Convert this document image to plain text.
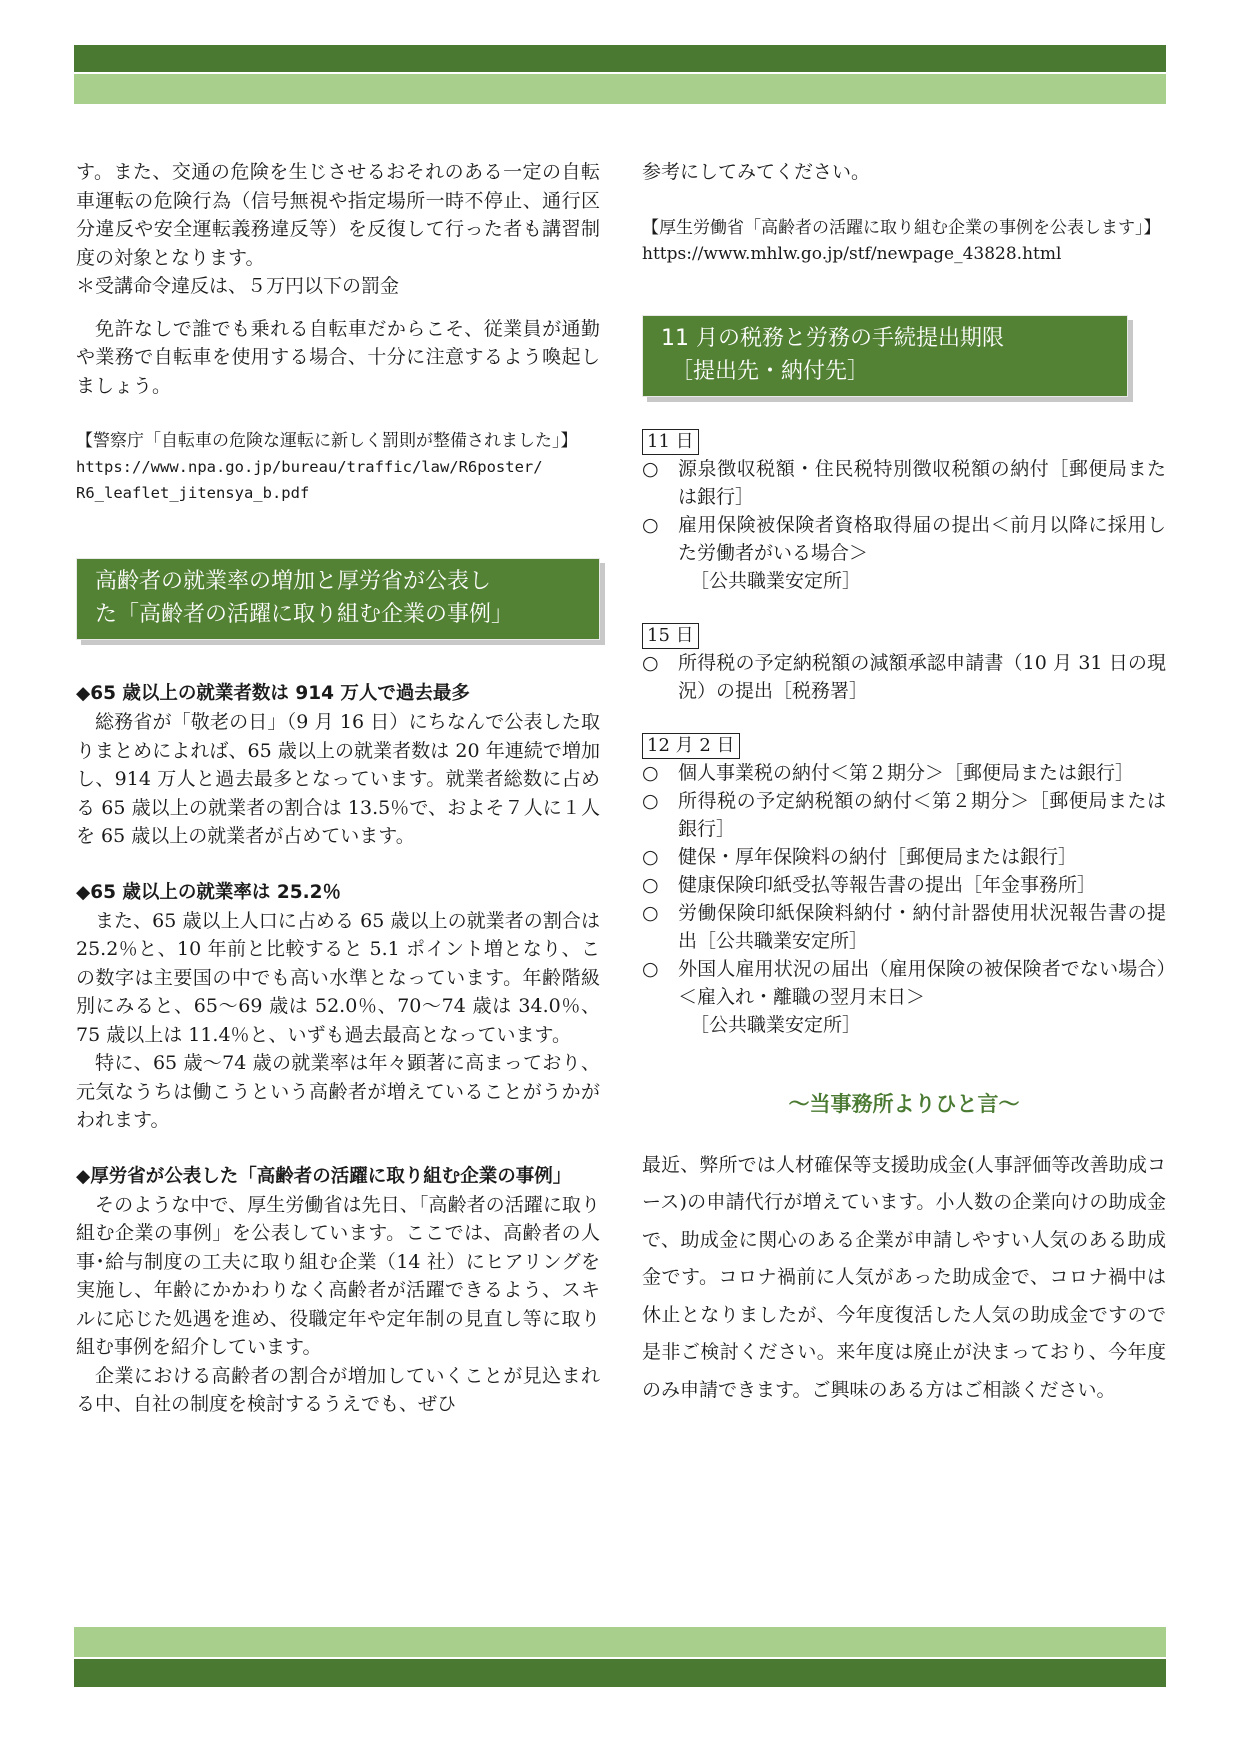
す。また、交通の危険を生じさせるおそれのある一定の自転車運転の危険行為（信号無視や指定場所一時不停止、通行区分違反や安全運転義務違反等）を反復して行った者も講習制度の対象となります。

＊受講命令違反は、５万円以下の罰金

免許なしで誰でも乗れる自転車だからこそ、従業員が通勤や業務で自転車を使用する場合、十分に注意するよう喚起しましょう。

【警察庁「自転車の危険な運転に新しく罰則が整備されました」】

https://www.npa.go.jp/bureau/traffic/law/R6poster/
R6_leaflet_jitensya_b.pdf
高齢者の就業率の増加と厚労省が公表し
た「高齢者の活躍に取り組む企業の事例」

◆65 歳以上の就業者数は 914 万人で過去最多

総務省が「敬老の日」（9 月 16 日）にちなんで公表した取りまとめによれば、65 歳以上の就業者数は 20 年連続で増加し、914 万人と過去最多となっています。就業者総数に占める 65 歳以上の就業者の割合は 13.5％で、およそ７人に１人を 65 歳以上の就業者が占めています。

◆65 歳以上の就業率は 25.2％

また、65 歳以上人口に占める 65 歳以上の就業者の割合は 25.2％と、10 年前と比較すると 5.1 ポイント増となり、この数字は主要国の中でも高い水準となっています。年齢階級別にみると、65～69 歳は 52.0％、70～74 歳は 34.0％、75 歳以上は 11.4％と、いずも過去最高となっています。

特に、65 歳～74 歳の就業率は年々顕著に高まっており、元気なうちは働こうという高齢者が増えていることがうかがわれます。

◆厚労省が公表した「高齢者の活躍に取り組む企業の事例」

そのような中で、厚生労働省は先日、「高齢者の活躍に取り組む企業の事例」を公表しています。ここでは、高齢者の人事･給与制度の工夫に取り組む企業（14 社）にヒアリングを実施し、年齢にかかわりなく高齢者が活躍できるよう、スキルに応じた処遇を進め、役職定年や定年制の見直し等に取り組む事例を紹介しています。

企業における高齢者の割合が増加していくことが見込まれる中、自社の制度を検討するうえでも、ぜひ

参考にしてみてください。

【厚生労働省「高齢者の活躍に取り組む企業の事例を公表します」】

https://www.mhlw.go.jp/stf/newpage_43828.html

11 月の税務と労務の手続提出期限
［提出先・納付先］
11 日
○	源泉徴収税額・住民税特別徴収税額の納付［郵便局または銀行］
○	雇用保険被保険者資格取得届の提出＜前月以降に採用した労働者がいる場合＞
［公共職業安定所］
15 日
○	所得税の予定納税額の減額承認申請書（10 月 31 日の現況）の提出［税務署］
12 月 2 日
○	個人事業税の納付＜第２期分＞［郵便局または銀行］
○	所得税の予定納税額の納付＜第２期分＞［郵便局または銀行］
○	健保・厚年保険料の納付［郵便局または銀行］
○	健康保険印紙受払等報告書の提出［年金事務所］
○	労働保険印紙保険料納付・納付計器使用状況報告書の提出［公共職業安定所］
○	外国人雇用状況の届出（雇用保険の被保険者でない場合）＜雇入れ・離職の翌月末日＞
［公共職業安定所］

～当事務所よりひと言～

最近、弊所では人材確保等支援助成金(人事評価等改善助成コース)の申請代行が増えています。小人数の企業向けの助成金で、助成金に関心のある企業が申請しやすい人気のある助成金です。コロナ禍前に人気があった助成金で、コロナ禍中は休止となりましたが、今年度復活した人気の助成金ですので是非ご検討ください。来年度は廃止が決まっており、今年度のみ申請できます。ご興味のある方はご相談ください。
